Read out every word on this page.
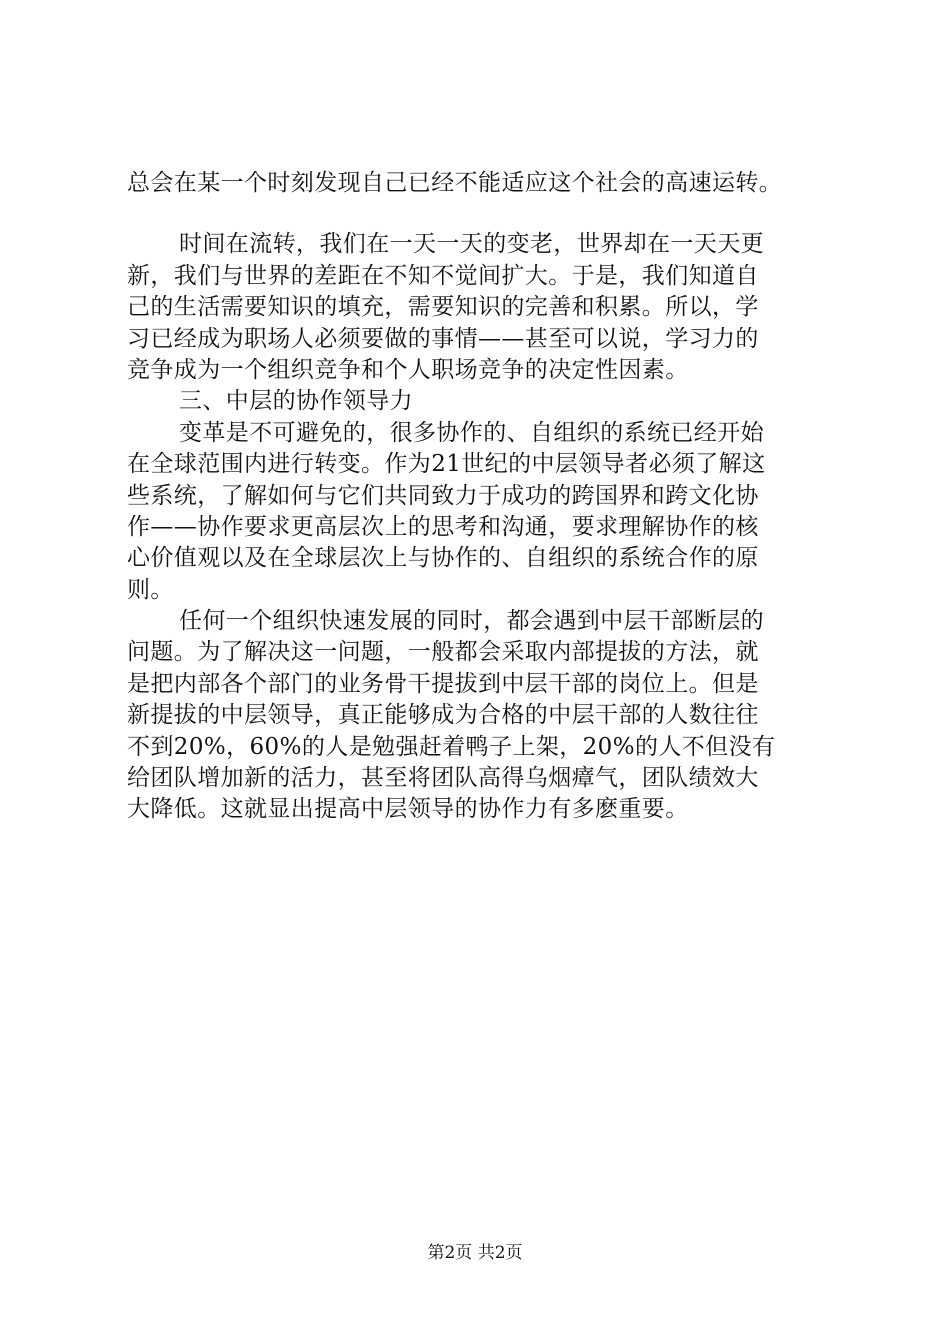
总会在某一个时刻发现自己已经不能适应这个社会的高速运转。
时间在流转，我们在一天一天的变老，世界却在一天天更
新，我们与世界的差距在不知不觉间扩大。于是，我们知道自
己的生活需要知识的填充，需要知识的完善和积累。所以，学
习已经成为职场人必须要做的事情——甚至可以说，学习力的
竞争成为一个组织竞争和个人职场竞争的决定性因素。
三、中层的协作领导力
变革是不可避免的，很多协作的、自组织的系统已经开始
在全球范围内进行转变。作为21世纪的中层领导者必须了解这
些系统，了解如何与它们共同致力于成功的跨国界和跨文化协
作——协作要求更高层次上的思考和沟通，要求理解协作的核
心价值观以及在全球层次上与协作的、自组织的系统合作的原
则。
任何一个组织快速发展的同时，都会遇到中层干部断层的
问题。为了解决这一问题，一般都会采取内部提拔的方法，就
是把内部各个部门的业务骨干提拔到中层干部的岗位上。但是
新提拔的中层领导，真正能够成为合格的中层干部的人数往往
不到20%，60%的人是勉强赶着鸭子上架，20%的人不但没有
给团队增加新的活力，甚至将团队高得乌烟瘴气，团队绩效大
大降低。这就显出提高中层领导的协作力有多麽重要。
第2页 共2页
